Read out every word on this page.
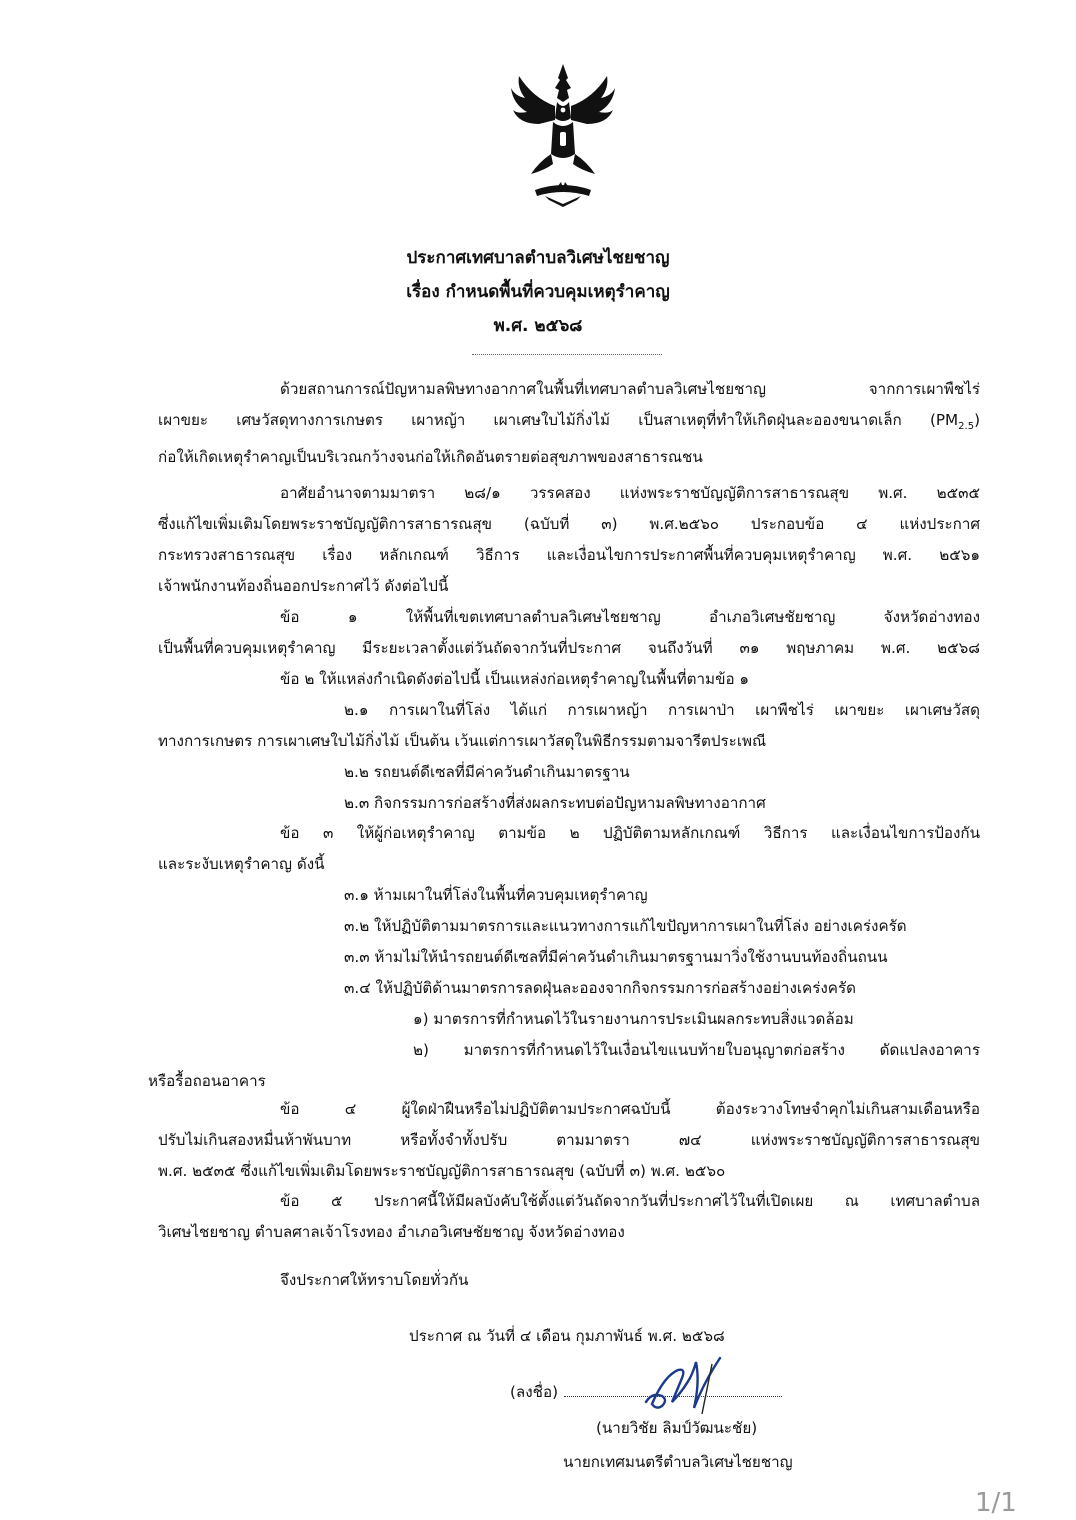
ประกาศเทศบาลตำบลวิเศษไชยชาญ
เรื่อง กำหนดพื้นที่ควบคุมเหตุรำคาญ
พ.ศ. ๒๕๖๘

ด้วยสถานการณ์ปัญหามลพิษทางอากาศในพื้นที่เทศบาลตำบลวิเศษไชยชาญ จากการเผาพืชไร่

เผาขยะ เศษวัสดุทางการเกษตร เผาหญ้า เผาเศษใบไม้กิ่งไม้ เป็นสาเหตุที่ทำให้เกิดฝุ่นละอองขนาดเล็ก $(PM_{2.5})$

ก่อให้เกิดเหตุรำคาญเป็นบริเวณกว้างจนก่อให้เกิดอันตรายต่อสุขภาพของสาธารณชน

อาศัยอำนาจตามมาตรา ๒๘/๑ วรรคสอง แห่งพระราชบัญญัติการสาธารณสุข พ.ศ. ๒๕๓๕

ซึ่งแก้ไขเพิ่มเติมโดยพระราชบัญญัติการสาธารณสุข (ฉบับที่ ๓) พ.ศ.๒๕๖๐ ประกอบข้อ ๔ แห่งประกาศ

กระทรวงสาธารณสุข เรื่อง หลักเกณฑ์ วิธีการ และเงื่อนไขการประกาศพื้นที่ควบคุมเหตุรำคาญ พ.ศ. ๒๕๖๑

เจ้าพนักงานท้องถิ่นออกประกาศไว้ ดังต่อไปนี้

ข้อ ๑ ให้พื้นที่เขตเทศบาลตำบลวิเศษไชยชาญ อำเภอวิเศษชัยชาญ จังหวัดอ่างทอง

เป็นพื้นที่ควบคุมเหตุรำคาญ มีระยะเวลาตั้งแต่วันถัดจากวันที่ประกาศ จนถึงวันที่ ๓๑ พฤษภาคม พ.ศ. ๒๕๖๘

ข้อ ๒ ให้แหล่งกำเนิดดังต่อไปนี้ เป็นแหล่งก่อเหตุรำคาญในพื้นที่ตามข้อ ๑

๒.๑ การเผาในที่โล่ง ได้แก่ การเผาหญ้า การเผาป่า เผาพืชไร่ เผาขยะ เผาเศษวัสดุ

ทางการเกษตร การเผาเศษใบไม้กิ่งไม้ เป็นต้น เว้นแต่การเผาวัสดุในพิธีกรรมตามจารีตประเพณี

๒.๒ รถยนต์ดีเซลที่มีค่าควันดำเกินมาตรฐาน

๒.๓ กิจกรรมการก่อสร้างที่ส่งผลกระทบต่อปัญหามลพิษทางอากาศ

ข้อ ๓ ให้ผู้ก่อเหตุรำคาญ ตามข้อ ๒ ปฏิบัติตามหลักเกณฑ์ วิธีการ และเงื่อนไขการป้องกัน

และระงับเหตุรำคาญ ดังนี้

๓.๑ ห้ามเผาในที่โล่งในพื้นที่ควบคุมเหตุรำคาญ

๓.๒ ให้ปฏิบัติตามมาตรการและแนวทางการแก้ไขปัญหาการเผาในที่โล่ง อย่างเคร่งครัด

๓.๓ ห้ามไม่ให้นำรถยนต์ดีเซลที่มีค่าควันดำเกินมาตรฐานมาวิ่งใช้งานบนท้องถิ่นถนน

๓.๔ ให้ปฏิบัติด้านมาตรการลดฝุ่นละอองจากกิจกรรมการก่อสร้างอย่างเคร่งครัด

๑) มาตรการที่กำหนดไว้ในรายงานการประเมินผลกระทบสิ่งแวดล้อม

๒) มาตรการที่กำหนดไว้ในเงื่อนไขแนบท้ายใบอนุญาตก่อสร้าง ดัดแปลงอาคาร

หรือรื้อถอนอาคาร

ข้อ ๔ ผู้ใดฝ่าฝืนหรือไม่ปฏิบัติตามประกาศฉบับนี้ ต้องระวางโทษจำคุกไม่เกินสามเดือนหรือ

ปรับไม่เกินสองหมื่นห้าพันบาท หรือทั้งจำทั้งปรับ ตามมาตรา ๗๔ แห่งพระราชบัญญัติการสาธารณสุข

พ.ศ. ๒๕๓๕ ซึ่งแก้ไขเพิ่มเติมโดยพระราชบัญญัติการสาธารณสุข (ฉบับที่ ๓) พ.ศ. ๒๕๖๐

ข้อ ๕ ประกาศนี้ให้มีผลบังคับใช้ตั้งแต่วันถัดจากวันที่ประกาศไว้ในที่เปิดเผย ณ เทศบาลตำบล

วิเศษไชยชาญ ตำบลศาลเจ้าโรงทอง อำเภอวิเศษชัยชาญ จังหวัดอ่างทอง

จึงประกาศให้ทราบโดยทั่วกัน
ประกาศ ณ วันที่ ๔ เดือน กุมภาพันธ์ พ.ศ. ๒๕๖๘
(ลงชื่อ)
(นายวิชัย ลิมป์วัฒนะชัย)
นายกเทศมนตรีตำบลวิเศษไชยชาญ
1/1
